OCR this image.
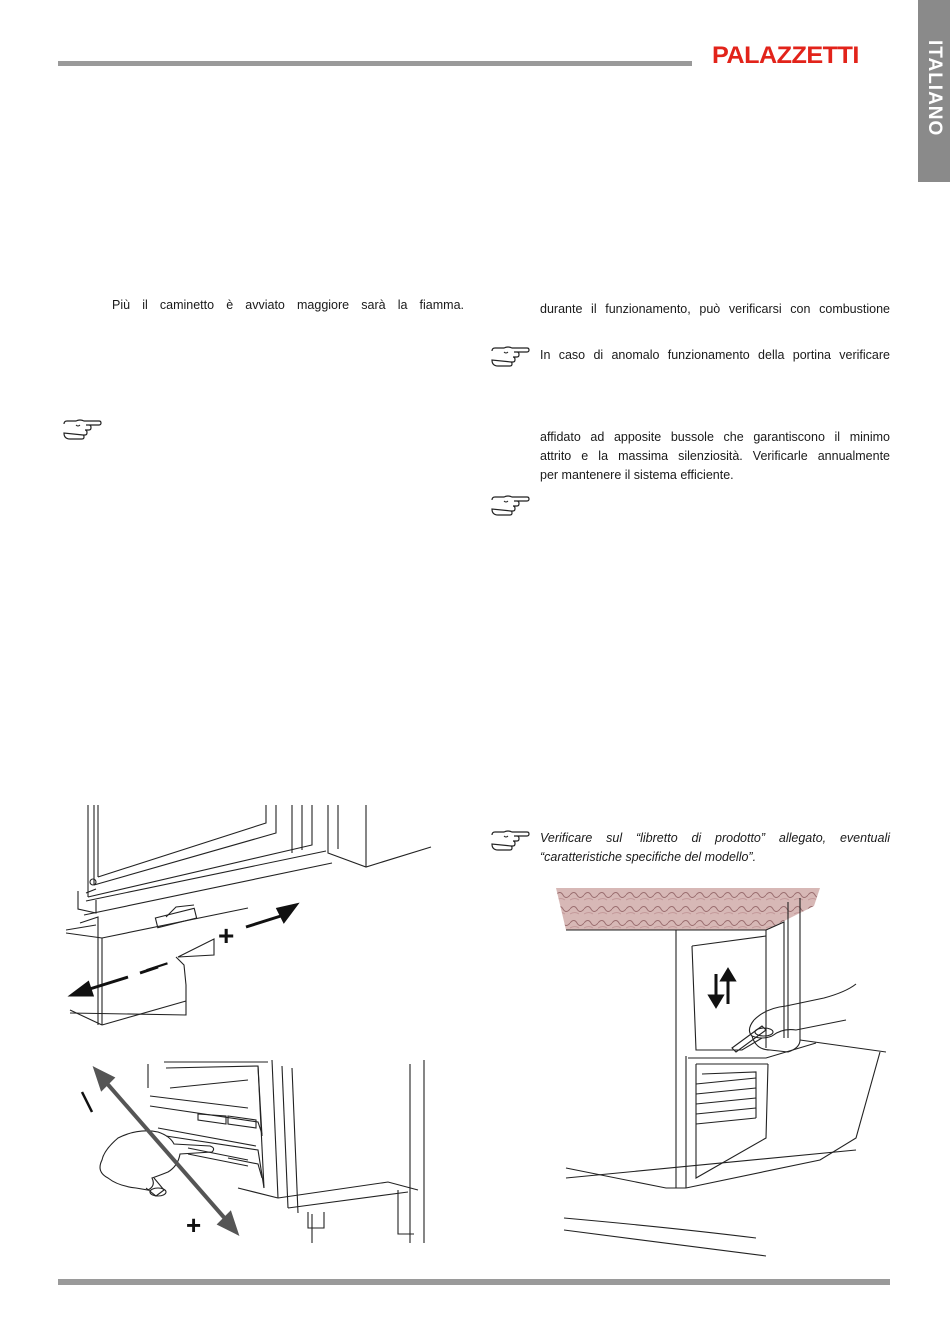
PALAZZETTI	ITALIANO
Più il caminetto è avviato maggiore sarà la fiamma.	durante il funzionamento, può verificarsi con combustione
In caso di anomalo funzionamento della portina verificare
affidato ad apposite bussole che garantiscono il minimo
attrito e la massima silenziosità. Verificarle annualmente
per mantenere il sistema efficiente.
Verificare sul “libretto di prodotto” allegato, eventuali
“caratteristiche specifiche del modello”.
+
—
+
—
